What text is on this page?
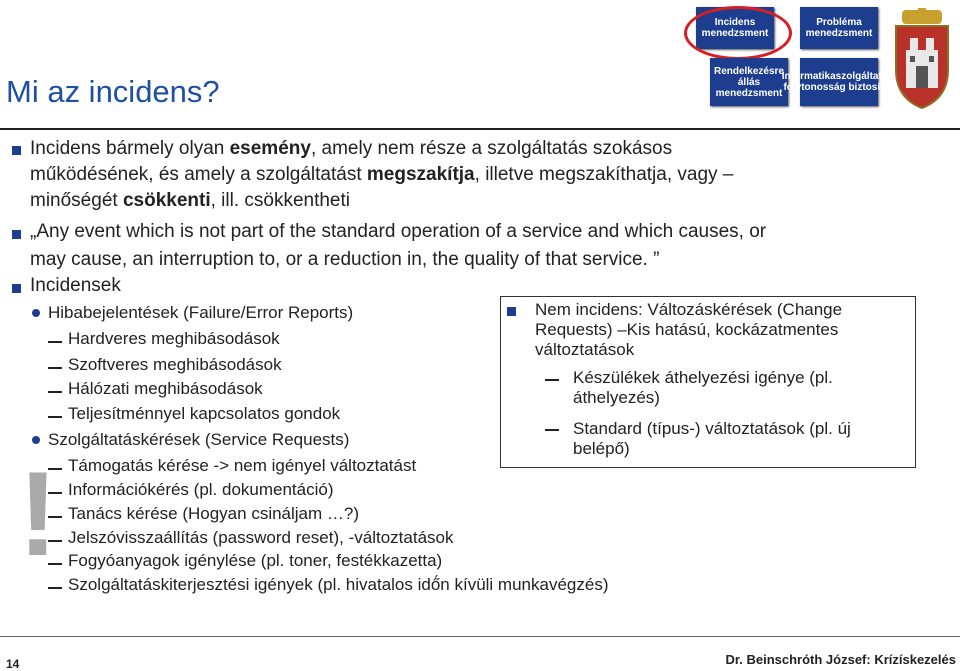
Incidens menedzsment
Probléma menedzsment
Rendelkezésre állás menedzsment
Informatikaszolgáltatás-folytonosság biztosítás
Mi az incidens?
Incidens bármely olyan esemény, amely nem része a szolgáltatás szokásos
működésének, és amely a szolgáltatást megszakítja, illetve megszakíthatja, vagy –
minőségét csökkenti, ill. csökkentheti
„Any event which is not part of the standard operation of a service and which causes, or
may cause, an interruption to, or a reduction in, the quality of that service. ”
Incidensek
Hibabejelentések (Failure/Error Reports)
Hardveres meghibásodások
Szoftveres meghibásodások
Hálózati meghibásodások
Teljesítménnyel kapcsolatos gondok
Szolgáltatáskérések (Service Requests)
Támogatás kérése -> nem igényel változtatást
Információkérés (pl. dokumentáció)
Tanács kérése (Hogyan csináljam …?)
Jelszóvisszaállítás (password reset), -változtatások
Fogyóanyagok igénylése (pl. toner, festékkazetta)
Szolgáltatáskiterjesztési igények (pl. hivatalos idő́n kívüli munkavégzés)
!
Nem incidens: Változáskérések (Change
Requests) –Kis hatású, kockázatmentes
változtatások
Készülékek áthelyezési igénye (pl.
áthelyezés)
Standard (típus-) változtatások (pl. új
belépő)
14	Dr. Beinschróth József: Krízískezelés
